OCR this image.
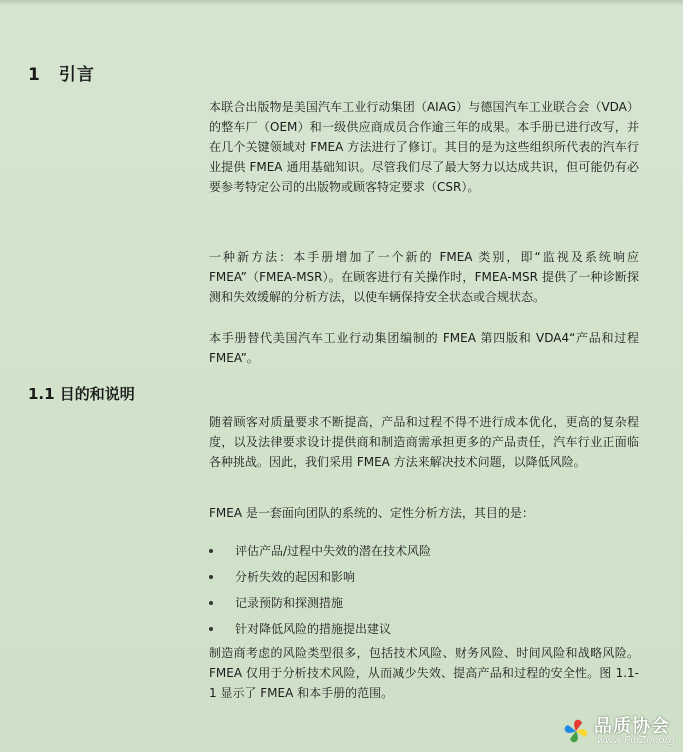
1 引言

本联合出版物是美国汽车工业行动集团（AIAG）与德国汽车工业联合会（VDA）的整车厂（OEM）和一级供应商成员合作逾三年的成果。本手册已进行改写，并在几个关键领域对 FMEA 方法进行了修订。其目的是为这些组织所代表的汽车行业提供 FMEA 通用基础知识。尽管我们尽了最大努力以达成共识，但可能仍有必要参考特定公司的出版物或顾客特定要求（CSR）。

一种新方法：本手册增加了一个新的 FMEA 类别，即“监视及系统响应 FMEA”（FMEA-MSR）。在顾客进行有关操作时，FMEA-MSR 提供了一种诊断探测和失效缓解的分析方法，以使车辆保持安全状态或合规状态。

本手册替代美国汽车工业行动集团编制的 FMEA 第四版和 VDA4“产品和过程 FMEA”。

1.1 目的和说明

随着顾客对质量要求不断提高，产品和过程不得不进行成本优化，更高的复杂程度，以及法律要求设计提供商和制造商需承担更多的产品责任，汽车行业正面临各种挑战。因此，我们采用 FMEA 方法来解决技术问题，以降低风险。

FMEA 是一套面向团队的系统的、定性分析方法，其目的是：

评估产品/过程中失效的潜在技术风险
分析失效的起因和影响
记录预防和探测措施
针对降低风险的措施提出建议

制造商考虑的风险类型很多，包括技术风险、财务风险、时间风险和战略风险。FMEA 仅用于分析技术风险，从而减少失效、提高产品和过程的安全性。图 1.1-1 显示了 FMEA 和本手册的范围。

品质协会
www.PinZhi.org
